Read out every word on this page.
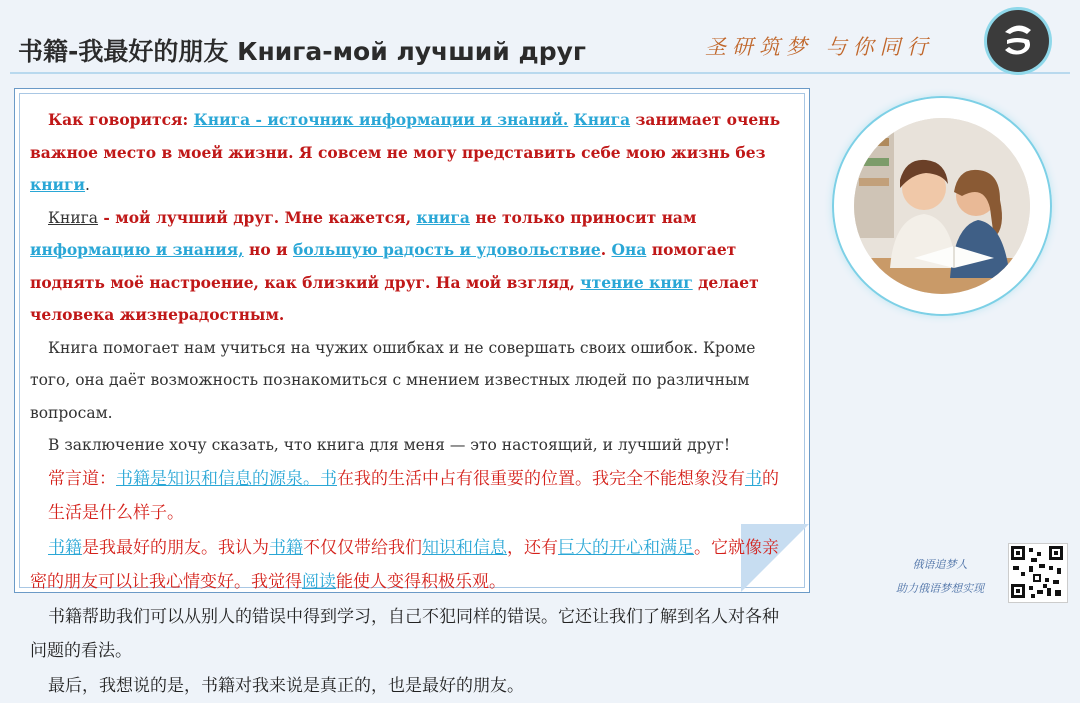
书籍-我最好的朋友 Книга-мой лучший друг	圣研筑梦 与你同行

Как говорится: Книга - источник информации и знаний. Книга занимает очень важное место в моей жизни. Я совсем не могу представить себе мою жизнь без книги.

Книга - мой лучший друг. Мне кажется, книга не только приносит нам информацию и знания, но и большую радость и удовольствие. Она помогает поднять моё настроение, как близкий друг. На мой взгляд, чтение книг делает человека жизнерадостным.

Книга помогает нам учиться на чужих ошибках и не совершать своих ошибок. Кроме того, она даёт возможность познакомиться с мнением известных людей по различным вопросам.

В заключение хочу сказать, что книга для меня — это настоящий, и лучший друг!

常言道：书籍是知识和信息的源泉。书在我的生活中占有很重要的位置。我完全不能想象没有书的生活是什么样子。

书籍是我最好的朋友。我认为书籍不仅仅带给我们知识和信息，还有巨大的开心和满足。它就像亲密的朋友可以让我心情变好。我觉得阅读能使人变得积极乐观。

书籍帮助我们可以从别人的错误中得到学习，自己不犯同样的错误。它还让我们了解到名人对各种问题的看法。

最后，我想说的是，书籍对我来说是真正的，也是最好的朋友。

俄语追梦人
助力俄语梦想实现
